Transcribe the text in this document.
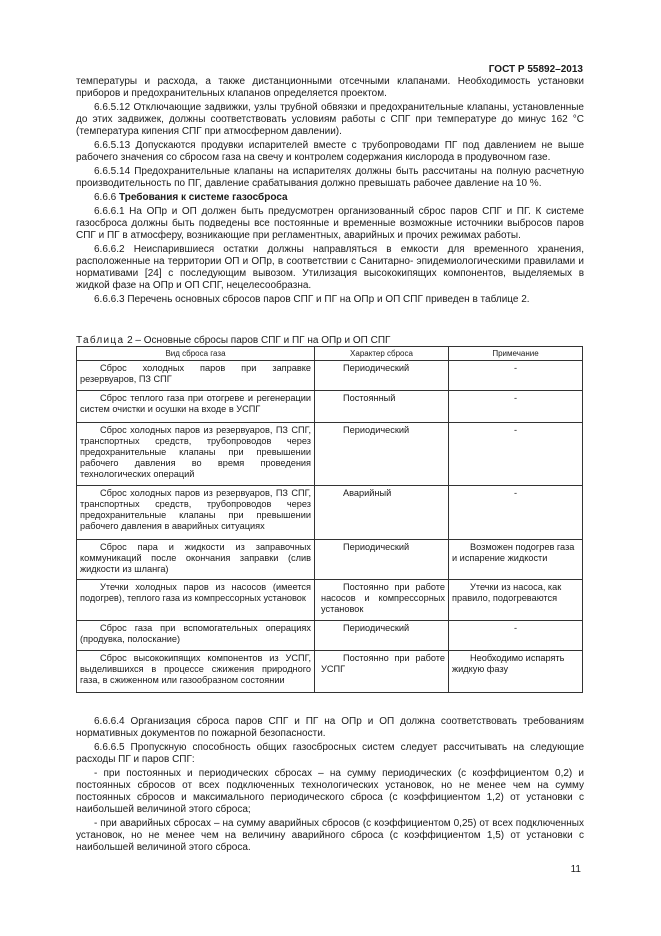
ГОСТ Р 55892–2013

температуры и расхода, а также дистанционными отсечными клапанами. Необходимость установки приборов и предохранительных клапанов определяется проектом.

6.6.5.12 Отключающие задвижки, узлы трубной обвязки и предохранительные клапаны, установленные до этих задвижек, должны соответствовать условиям работы с СПГ при температуре до минус 162 °С (температура кипения СПГ при атмосферном давлении).

6.6.5.13 Допускаются продувки испарителей вместе с трубопроводами ПГ под давлением не выше рабочего значения со сбросом газа на свечу и контролем содержания кислорода в продувочном газе.

6.6.5.14 Предохранительные клапаны на испарителях должны быть рассчитаны на полную расчетную производительность по ПГ, давление срабатывания должно превышать рабочее давление на 10 %.

6.6.6 Требования к системе газосброса

6.6.6.1 На ОПр и ОП должен быть предусмотрен организованный сброс паров СПГ и ПГ. К системе газосброса должны быть подведены все постоянные и временные возможные источники выбросов паров СПГ и ПГ в атмосферу, возникающие при регламентных, аварийных и прочих режимах работы.

6.6.6.2 Неиспарившиеся остатки должны направляться в емкости для временного хранения, расположенные на территории ОП и ОПр, в соответствии с Санитарно- эпидемиологическими правилами и нормативами [24] с последующим вывозом. Утилизация высококипящих компонентов, выделяемых в жидкой фазе на ОПр и ОП СПГ, нецелесообразна.

6.6.6.3 Перечень основных сбросов паров СПГ и ПГ на ОПр и ОП СПГ приведен в таблице 2.

Таблица 2 – Основные сбросы паров СПГ и ПГ на ОПр и ОП СПГ
Вид сброса газа	Характер сброса	Примечание

Сброс холодных паров при заправке резервуаров, ПЗ СПГ	Периодический	-

Сброс теплого газа при отогреве и регенерации систем очистки и осушки на входе в УСПГ	Постоянный	-

Сброс холодных паров из резервуаров, ПЗ СПГ, транспортных средств, трубопроводов через предохранительные клапаны при превышении рабочего давления во время проведения технологических операций	Периодический	-

Сброс холодных паров из резервуаров, ПЗ СПГ, транспортных средств, трубопроводов через предохранительные клапаны при превышении рабочего давления в аварийных ситуациях	Аварийный	-

Сброс пара и жидкости из заправочных коммуникаций после окончания заправки (слив жидкости из шланга)	Периодический	Возможен подогрев газа и испарение жидкости

Утечки холодных паров из насосов (имеется подогрев), теплого газа из компрессорных установок	Постоянно при работе насосов и компрессорных установок	Утечки из насоса, как правило, подогреваются

Сброс газа при вспомогательных операциях (продувка, полоскание)	Периодический	-

Сброс высококипящих компонентов из УСПГ, выделившихся в процессе сжижения природного газа, в сжиженном или газообразном состоянии	Постоянно при работе УСПГ	Необходимо испарять жидкую фазу

6.6.6.4 Организация сброса паров СПГ и ПГ на ОПр и ОП должна соответствовать требованиям нормативных документов по пожарной безопасности.

6.6.6.5 Пропускную способность общих газосбросных систем следует рассчитывать на следующие расходы ПГ и паров СПГ:

- при постоянных и периодических сбросах – на сумму периодических (с коэффициентом 0,2) и постоянных сбросов от всех подключенных технологических установок, но не менее чем на сумму постоянных сбросов и максимального периодического сброса (с коэффициентом 1,2) от установки с наибольшей величиной этого сброса;

- при аварийных сбросах – на сумму аварийных сбросов (с коэффициентом 0,25) от всех подключенных установок, но не менее чем на величину аварийного сброса (с коэффициентом 1,5) от установки с наибольшей величиной этого сброса.

11
